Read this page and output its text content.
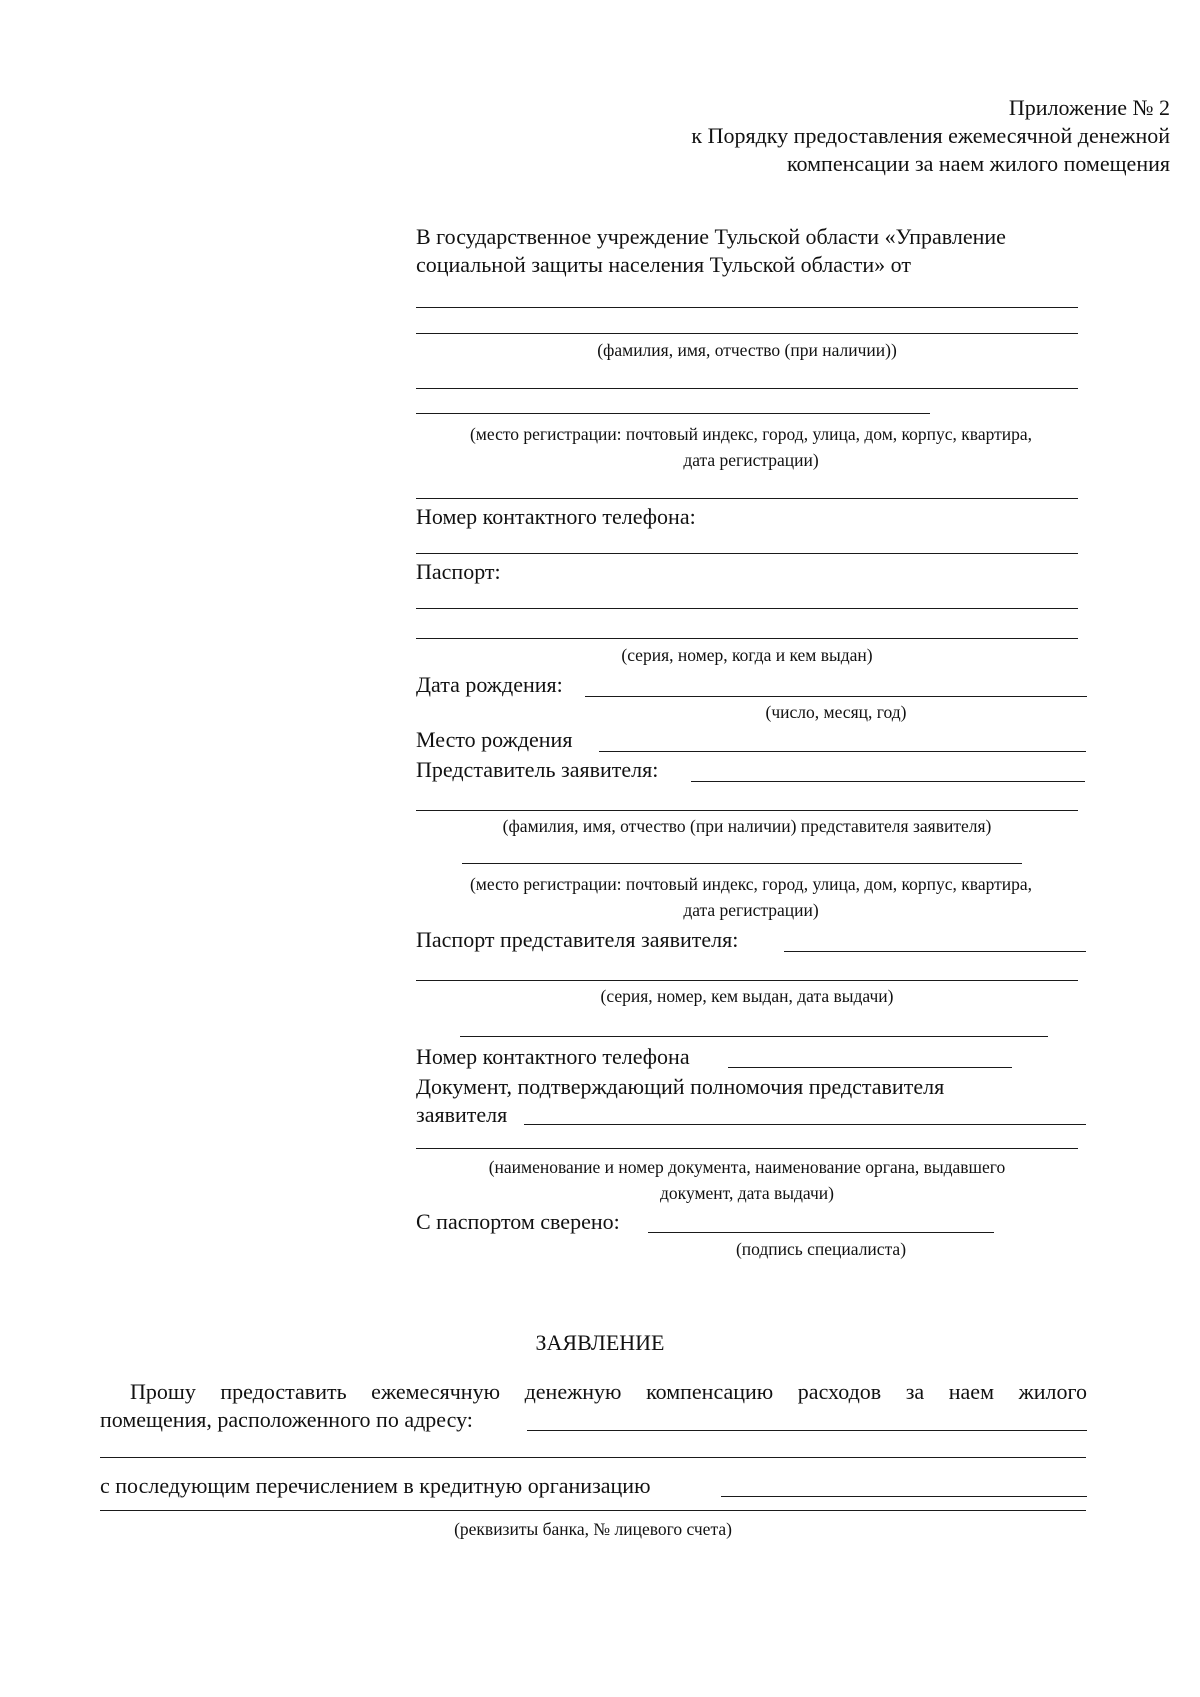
Приложение № 2
к Порядку предоставления ежемесячной денежной
компенсации за наем жилого помещения
В государственное учреждение Тульской области «Управление
социальной защиты населения Тульской области» от
(фамилия, имя, отчество (при наличии))
(место регистрации: почтовый индекс, город, улица, дом, корпус, квартира,
дата регистрации)
Номер контактного телефона:
Паспорт:
(серия, номер, когда и кем выдан)
Дата рождения:
(число, месяц, год)
Место рождения
Представитель заявителя:
(фамилия, имя, отчество (при наличии) представителя заявителя)
(место регистрации: почтовый индекс, город, улица, дом, корпус, квартира,
дата регистрации)
Паспорт представителя заявителя:
(серия, номер, кем выдан, дата выдачи)
Номер контактного телефона
Документ, подтверждающий полномочия представителя
заявителя
(наименование и номер документа, наименование органа, выдавшего
документ, дата выдачи)
С паспортом сверено:
(подпись специалиста)
ЗАЯВЛЕНИЕ
Прошу предоставить ежемесячную денежную компенсацию расходов за наем жилого
помещения, расположенного по адресу:
с последующим перечислением в кредитную организацию
(реквизиты банка, № лицевого счета)
